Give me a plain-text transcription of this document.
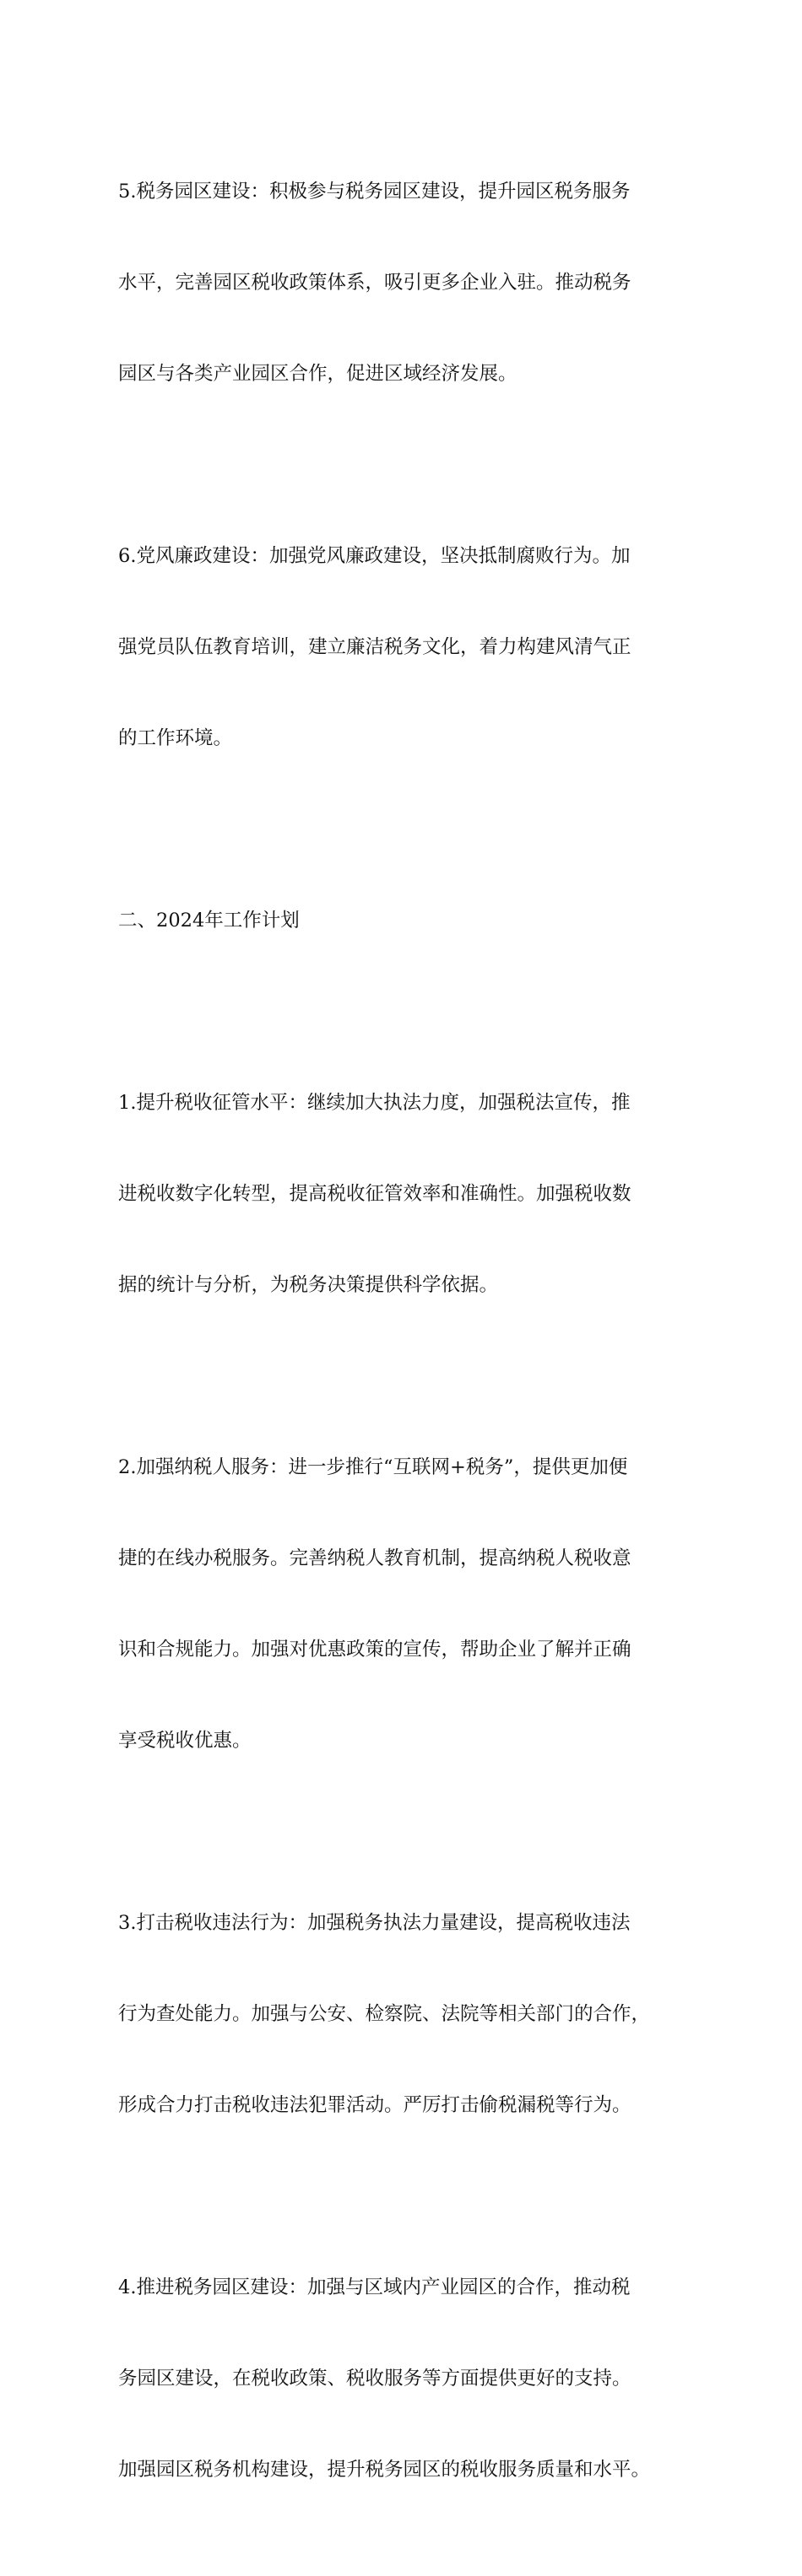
5.税务园区建设：积极参与税务园区建设，提升园区税务服务

水平，完善园区税收政策体系，吸引更多企业入驻。推动税务

园区与各类产业园区合作，促进区域经济发展。

6.党风廉政建设：加强党风廉政建设，坚决抵制腐败行为。加

强党员队伍教育培训，建立廉洁税务文化，着力构建风清气正

的工作环境。

二、2024年工作计划

1.提升税收征管水平：继续加大执法力度，加强税法宣传，推

进税收数字化转型，提高税收征管效率和准确性。加强税收数

据的统计与分析，为税务决策提供科学依据。

2.加强纳税人服务：进一步推行“互联网+税务”，提供更加便

捷的在线办税服务。完善纳税人教育机制，提高纳税人税收意

识和合规能力。加强对优惠政策的宣传，帮助企业了解并正确

享受税收优惠。

3.打击税收违法行为：加强税务执法力量建设，提高税收违法

行为查处能力。加强与公安、检察院、法院等相关部门的合作，

形成合力打击税收违法犯罪活动。严厉打击偷税漏税等行为。

4.推进税务园区建设：加强与区域内产业园区的合作，推动税

务园区建设，在税收政策、税收服务等方面提供更好的支持。

加强园区税务机构建设，提升税务园区的税收服务质量和水平。
